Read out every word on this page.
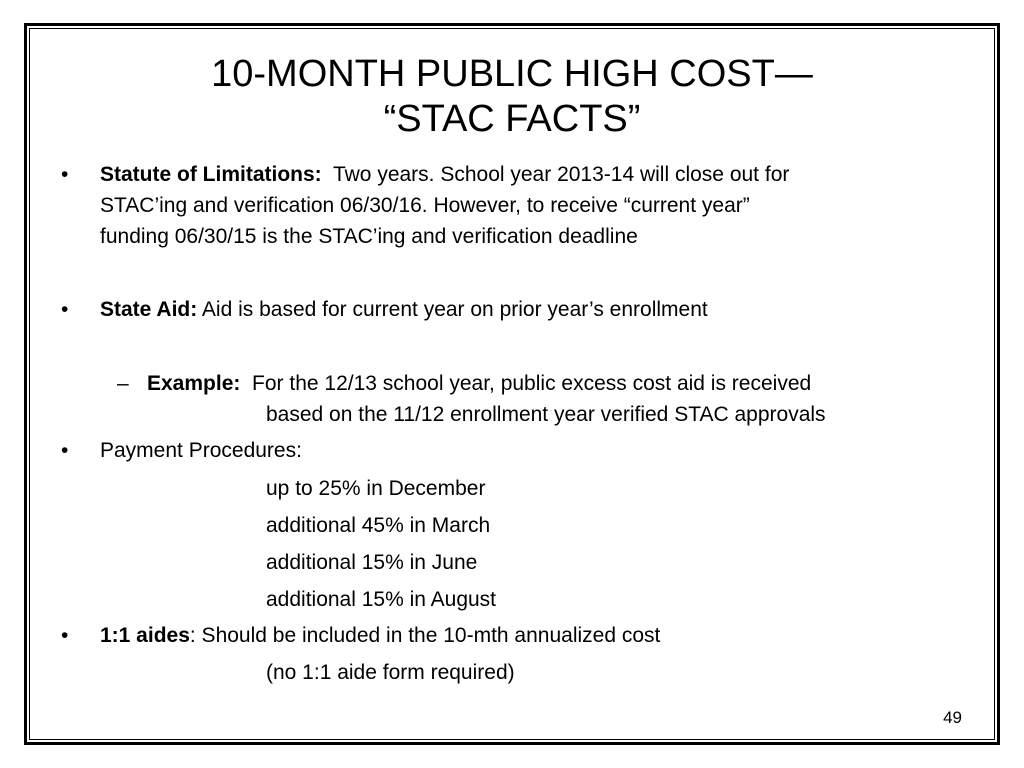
10-MONTH PUBLIC HIGH COST—
“STAC FACTS”
• Statute of Limitations: Two years. School year 2013-14 will close out for
STAC’ing and verification 06/30/16. However, to receive “current year”
funding 06/30/15 is the STAC’ing and verification deadline
• State Aid: Aid is based for current year on prior year’s enrollment
– Example: For the 12/13 school year, public excess cost aid is received
based on the 11/12 enrollment year verified STAC approvals
• Payment Procedures:
up to 25% in December
additional 45% in March
additional 15% in June
additional 15% in August
• 1:1 aides: Should be included in the 10-mth annualized cost
(no 1:1 aide form required)
49
